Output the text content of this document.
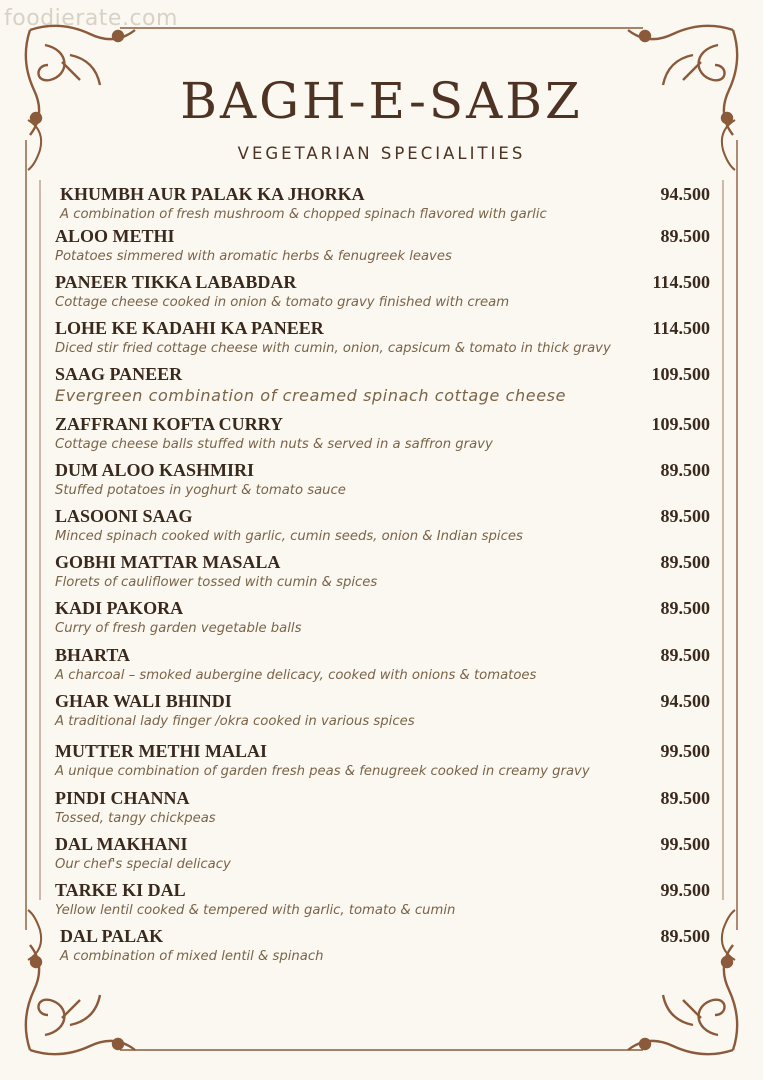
foodierate.com
BAGH-E-SABZ
VEGETARIAN SPECIALITIES
KHUMBH AUR PALAK KA JHORKA	94.500
A combination of fresh mushroom & chopped spinach flavored with garlic
ALOO METHI	89.500
Potatoes simmered with aromatic herbs & fenugreek leaves
PANEER TIKKA LABABDAR	114.500
Cottage cheese cooked in onion & tomato gravy finished with cream
LOHE KE KADAHI KA PANEER	114.500
Diced stir fried cottage cheese with cumin, onion, capsicum & tomato in thick gravy
SAAG PANEER	109.500
Evergreen combination of creamed spinach cottage cheese
ZAFFRANI KOFTA CURRY	109.500
Cottage cheese balls stuffed with nuts & served in a saffron gravy
DUM ALOO KASHMIRI	89.500
Stuffed potatoes in yoghurt & tomato sauce
LASOONI SAAG	89.500
Minced spinach cooked with garlic, cumin seeds, onion & Indian spices
GOBHI MATTAR MASALA	89.500
Florets of cauliflower tossed with cumin & spices
KADI PAKORA	89.500
Curry of fresh garden vegetable balls
BHARTA	89.500
A charcoal – smoked aubergine delicacy, cooked with onions & tomatoes
GHAR WALI BHINDI	94.500
A traditional lady finger /okra cooked in various spices
MUTTER METHI MALAI	99.500
A unique combination of garden fresh peas & fenugreek cooked in creamy gravy
PINDI CHANNA	89.500
Tossed, tangy chickpeas
DAL MAKHANI	99.500
Our chef's special delicacy
TARKE KI DAL	99.500
Yellow lentil cooked & tempered with garlic, tomato & cumin
DAL PALAK	89.500
A combination of mixed lentil & spinach
